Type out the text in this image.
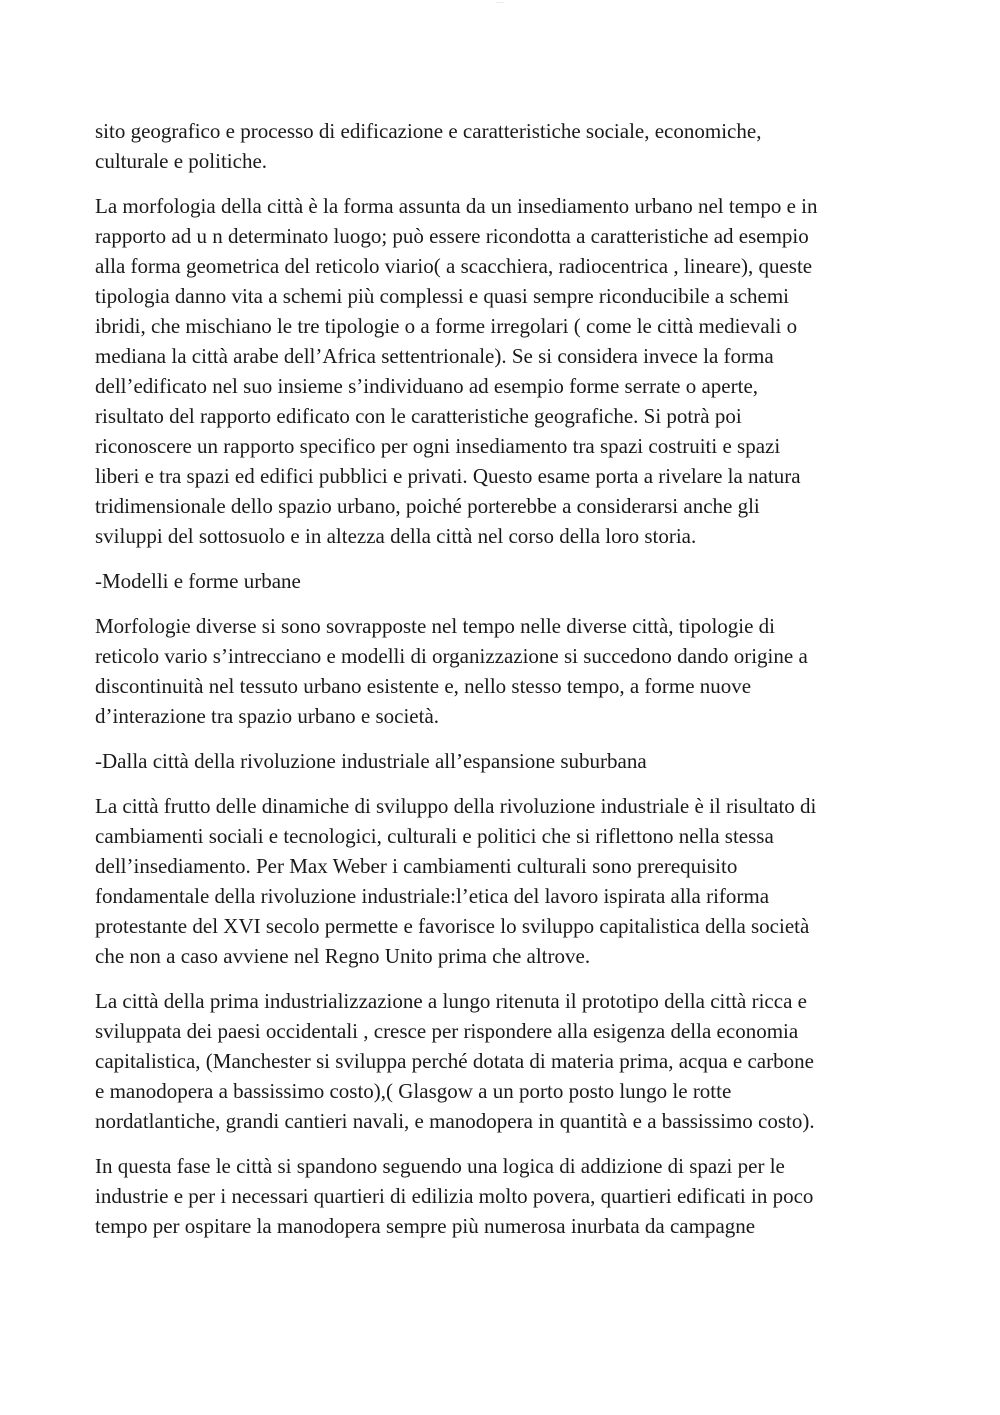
——
sito geografico e processo di edificazione e caratteristiche sociale, economiche,
culturale e politiche.
La morfologia della città è la forma assunta da un insediamento urbano nel tempo e in
rapporto ad u n determinato luogo; può essere ricondotta a caratteristiche ad esempio
alla forma geometrica del reticolo viario( a scacchiera, radiocentrica , lineare), queste
tipologia danno vita a schemi più complessi e quasi sempre riconducibile a schemi
ibridi, che mischiano le tre tipologie o a forme irregolari ( come le città medievali o
mediana la città arabe dell’Africa settentrionale). Se si considera invece la forma
dell’edificato nel suo insieme s’individuano ad esempio forme serrate o aperte,
risultato del rapporto edificato con le caratteristiche geografiche. Si potrà poi
riconoscere un rapporto specifico per ogni insediamento tra spazi costruiti e spazi
liberi e tra spazi ed edifici pubblici e privati. Questo esame porta a rivelare la natura
tridimensionale dello spazio urbano, poiché porterebbe a considerarsi anche gli
sviluppi del sottosuolo e in altezza della città nel corso della loro storia.
-Modelli e forme urbane
Morfologie diverse si sono sovrapposte nel tempo nelle diverse città, tipologie di
reticolo vario s’intrecciano e modelli di organizzazione si succedono dando origine a
discontinuità nel tessuto urbano esistente e, nello stesso tempo, a forme nuove
d’interazione tra spazio urbano e società.
-Dalla città della rivoluzione industriale all’espansione suburbana
La città frutto delle dinamiche di sviluppo della rivoluzione industriale è il risultato di
cambiamenti sociali e tecnologici, culturali e politici che si riflettono nella stessa
dell’insediamento. Per Max Weber i cambiamenti culturali sono prerequisito
fondamentale della rivoluzione industriale:l’etica del lavoro ispirata alla riforma
protestante del XVI secolo permette e favorisce lo sviluppo capitalistica della società
che non a caso avviene nel Regno Unito prima che altrove.
La città della prima industrializzazione a lungo ritenuta il prototipo della città ricca e
sviluppata dei paesi occidentali , cresce per rispondere alla esigenza della economia
capitalistica, (Manchester si sviluppa perché dotata di materia prima, acqua e carbone
e manodopera a bassissimo costo),( Glasgow a un porto posto lungo le rotte
nordatlantiche, grandi cantieri navali, e manodopera in quantità e a bassissimo costo).
In questa fase le città si spandono seguendo una logica di addizione di spazi per le
industrie e per i necessari quartieri di edilizia molto povera, quartieri edificati in poco
tempo per ospitare la manodopera sempre più numerosa inurbata da campagne
